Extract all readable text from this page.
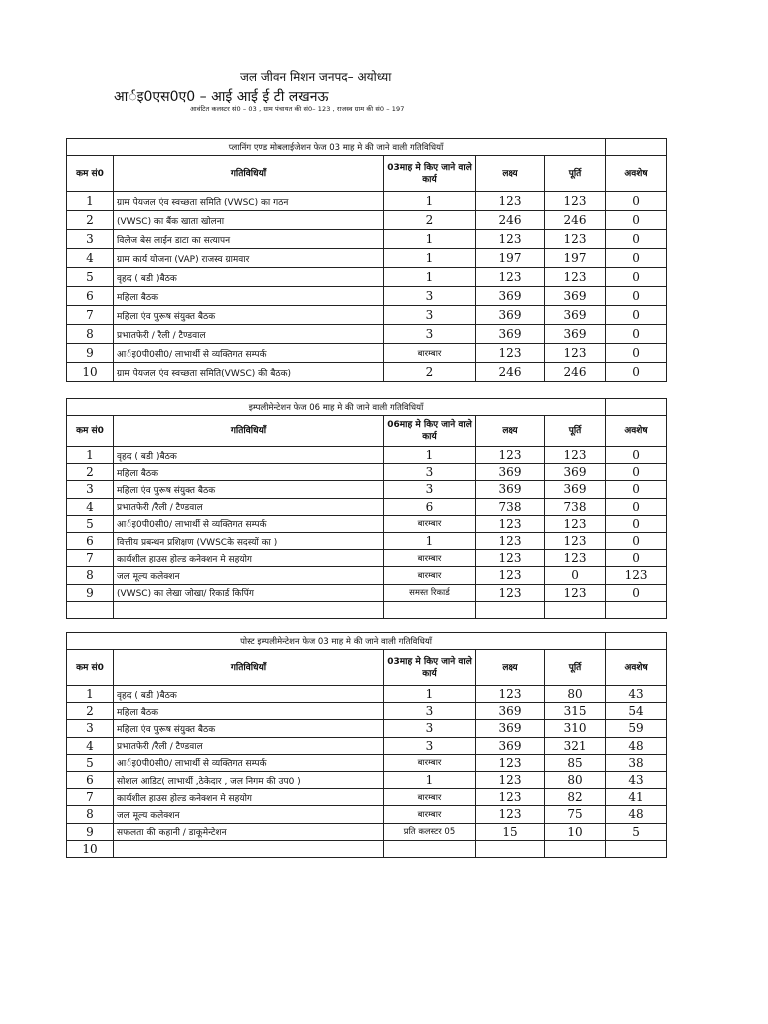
जल जीवन मिशन जनपद– अयोध्या
आर्इ0एस0ए0 – आई आई ई टी लखनऊ
आवंटित कलस्टर सं0 – 03 , ग्राम पंचायत की सं0– 123 , राजस्व ग्राम की सं0 – 197
प्लानिंग एण्ड मोबलाईजेशन फेज 03 माह मे की जाने वाली गतिविधियाँ					
कम सं0	गतिविधियाँ	03माह मे किए जाने वाले कार्य	लक्ष्य	पूर्ति	अवशेष
1	ग्राम पेयजल एंव स्वच्छता समिति (VWSC) का गठन	1	123	123	0
2	(VWSC) का बैंक खाता खोलना	2	246	246	0
3	विलेज बेस लाईन डाटा का सत्यापन	1	123	123	0
4	ग्राम कार्य योजना (VAP) राजस्व ग्रामवार	1	197	197	0
5	वृहद ( बडी )बैठक	1	123	123	0
6	महिला बैठक	3	369	369	0
7	महिला एंव पुरूष संयुक्त बैठक	3	369	369	0
8	प्रभातफेरी / रैली / टैण्डवाल	3	369	369	0
9	आर्इ0पी0सी0/ लाभार्थी से व्यक्तिगत सम्पर्क	बारम्बार	123	123	0
10	ग्राम पेयजल एंव स्वच्छता समिति(VWSC) की बैठक)	2	246	246	0
इम्पलीमेन्टेशन फेज 06 माह मे की जाने वाली गतिविधियाँ					
कम सं0	गतिविधियाँ	06माह मे किए जाने वाले कार्य	लक्ष्य	पूर्ति	अवशेष
1	वृहद ( बडी )बैठक	1	123	123	0
2	महिला बैठक	3	369	369	0
3	महिला एंव पुरूष संयुक्त बैठक	3	369	369	0
4	प्रभातफेरी /रैली / टैण्डवाल	6	738	738	0
5	आर्इ0पी0सी0/ लाभार्थी से व्यक्तिगत सम्पर्क	बारम्बार	123	123	0
6	वित्तीय प्रबन्धन प्रशिक्षण (VWSCके सदस्यों का )	1	123	123	0
7	कार्यशील हाउस होल्ड कनेक्शन मे सहयोग	बारम्बार	123	123	0
8	जल मूल्य कलेक्शन	बारम्बार	123	0	123
9	(VWSC) का लेखा जोखा/ रिकार्ड किपिंग	समस्त रिकार्ड	123	123	0

पोस्ट इम्पलीमेन्टेशन फेज 03 माह मे की जाने वाली गतिविधियाँ					
कम सं0	गतिविधियाँ	03माह मे किए जाने वाले कार्य	लक्ष्य	पूर्ति	अवशेष
1	वृहद ( बडी )बैठक	1	123	80	43
2	महिला बैठक	3	369	315	54
3	महिला एंव पुरूष संयुक्त बैठक	3	369	310	59
4	प्रभातफेरी /रैली / टैण्डवाल	3	369	321	48
5	आर्इ0पी0सी0/ लाभार्थी से व्यक्तिगत सम्पर्क	बारम्बार	123	85	38
6	सोशल आडिट( लाभार्थी ,ठेकेदार , जल निगम की उप0 )	1	123	80	43
7	कार्यशील हाउस होल्ड कनेक्शन मे सहयोग	बारम्बार	123	82	41
8	जल मूल्य कलेक्शन	बारम्बार	123	75	48
9	सफलता की कहानी / डाकूमेन्टेशन	प्रति कलस्टर 05	15	10	5
10					
